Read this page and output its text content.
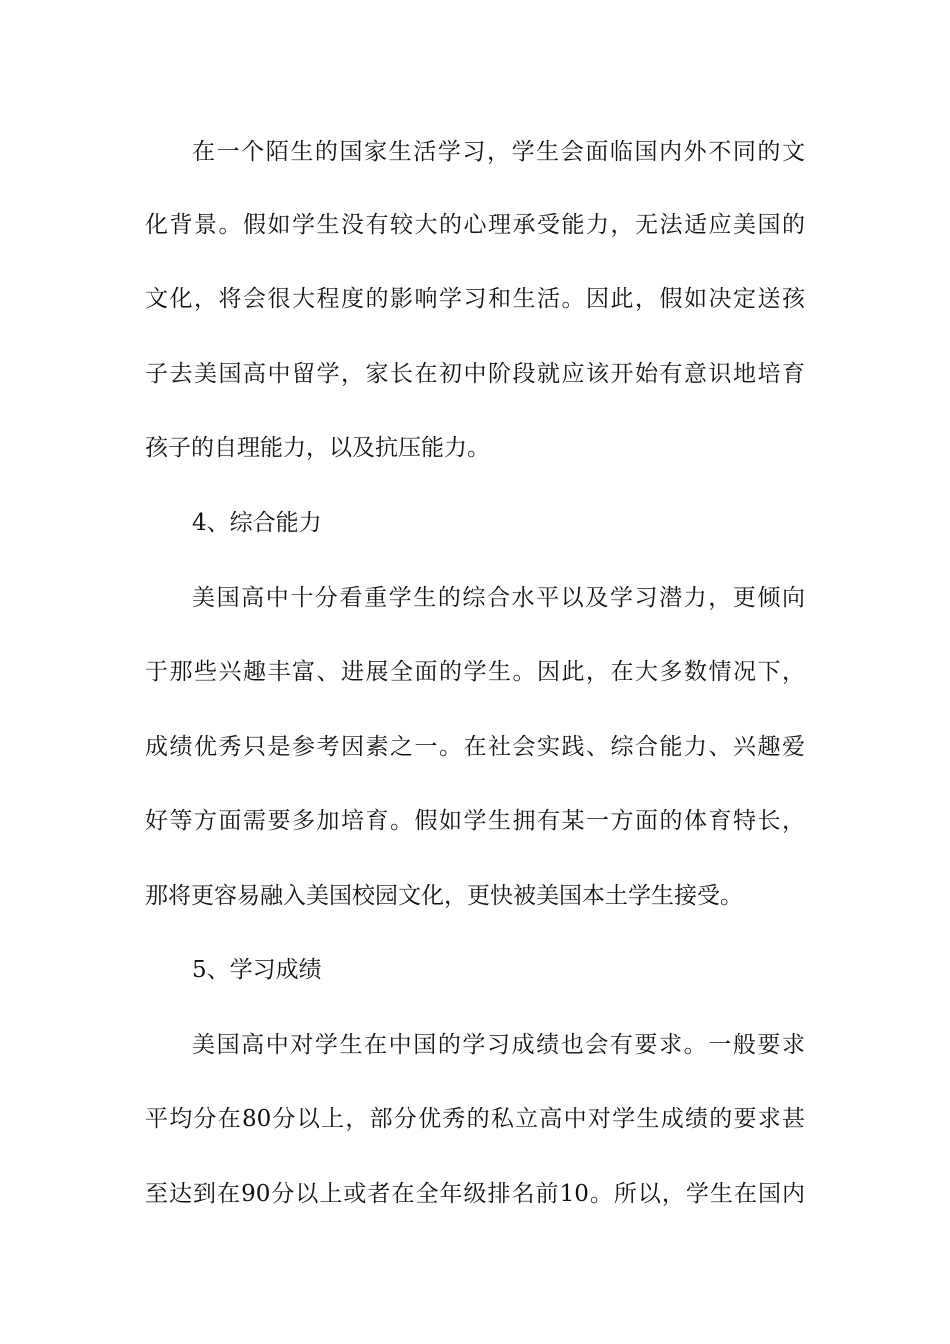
在一个陌生的国家生活学习，学生会面临国内外不同的文
化背景。假如学生没有较大的心理承受能力，无法适应美国的
文化，将会很大程度的影响学习和生活。因此，假如决定送孩
子去美国高中留学，家长在初中阶段就应该开始有意识地培育
孩子的自理能力，以及抗压能力。
4、综合能力
美国高中十分看重学生的综合水平以及学习潜力，更倾向
于那些兴趣丰富、进展全面的学生。因此，在大多数情况下，
成绩优秀只是参考因素之一。在社会实践、综合能力、兴趣爱
好等方面需要多加培育。假如学生拥有某一方面的体育特长，
那将更容易融入美国校园文化，更快被美国本土学生接受。
5、学习成绩
美国高中对学生在中国的学习成绩也会有要求。一般要求
平均分在80分以上，部分优秀的私立高中对学生成绩的要求甚
至达到在90分以上或者在全年级排名前10。所以，学生在国内
